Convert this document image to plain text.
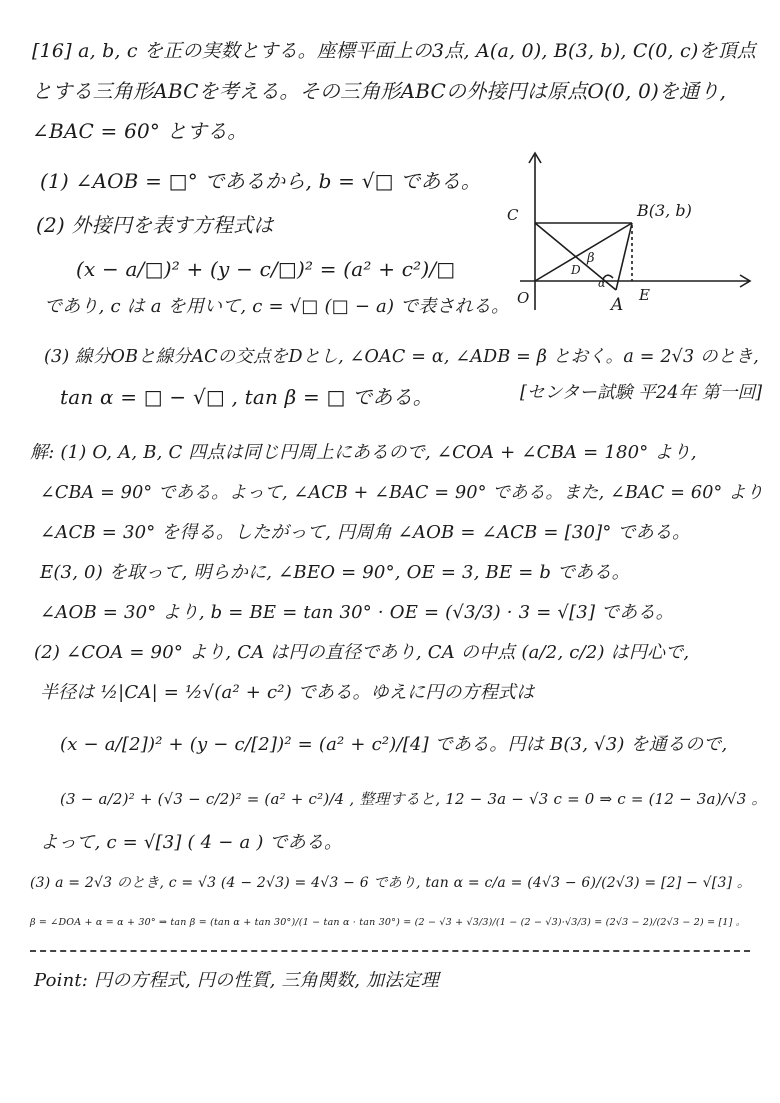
[16] a, b, c を正の実数とする。座標平面上の3点, A(a, 0), B(3, b), C(0, c)を頂点
とする三角形ABCを考える。その三角形ABCの外接円は原点O(0, 0)を通り,
∠BAC = 60° とする。
(1) ∠AOB = □° であるから, b = √□ である。
(2) 外接円を表す方程式は
(x − a/□)² + (y − c/□)² = (a² + c²)/□
であり, c は a を用いて, c = √□ (□ − a) で表される。
(3) 線分OBと線分ACの交点をDとし, ∠OAC = α, ∠ADB = β とおく。a = 2√3 のとき,
tan α = □ − √□ , tan β = □ である。	[センター試験 平24年 第一回]
C
O	A E
B(3, b)
D
β
α
解: (1) O, A, B, C 四点は同じ円周上にあるので, ∠COA + ∠CBA = 180° より,
∠CBA = 90° である。よって, ∠ACB + ∠BAC = 90° である。また, ∠BAC = 60° より
∠ACB = 30° を得る。したがって, 円周角 ∠AOB = ∠ACB = [30]° である。
E(3, 0) を取って, 明らかに, ∠BEO = 90°, OE = 3, BE = b である。
∠AOB = 30° より, b = BE = tan 30° · OE = (√3/3) · 3 = √[3] である。
(2) ∠COA = 90° より, CA は円の直径であり, CA の中点 (a/2, c/2) は円心で,
半径は ½|CA| = ½√(a² + c²) である。ゆえに円の方程式は
(x − a/[2])² + (y − c/[2])² = (a² + c²)/[4] である。円は B(3, √3) を通るので,
(3 − a/2)² + (√3 − c/2)² = (a² + c²)/4 , 整理すると, 12 − 3a − √3 c = 0 ⇒ c = (12 − 3a)/√3 。
よって, c = √[3] ( 4 − a ) である。
(3) a = 2√3 のとき, c = √3 (4 − 2√3) = 4√3 − 6 であり, tan α = c/a = (4√3 − 6)/(2√3) = [2] − √[3] 。
β = ∠DOA + α = α + 30° ⇒ tan β = (tan α + tan 30°)/(1 − tan α · tan 30°) = (2 − √3 + √3/3)/(1 − (2 − √3)·√3/3) = (2√3 − 2)/(2√3 − 2) = [1] 。
Point: 円の方程式, 円の性質, 三角関数, 加法定理
